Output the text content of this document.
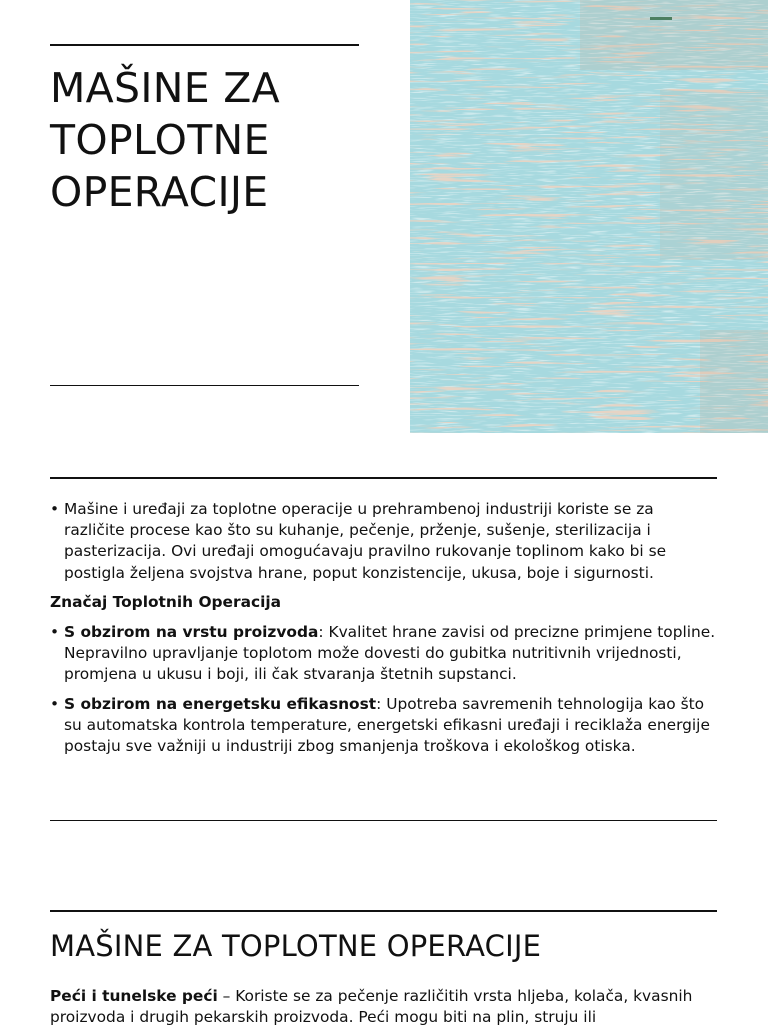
MAŠINE ZA TOPLOTNE OPERACIJE
• Mašine i uređaji za toplotne operacije u prehrambenoj industriji koriste se za različite procese kao što su kuhanje, pečenje, prženje, sušenje, sterilizacija i pasterizacija. Ovi uređaji omogućavaju pravilno rukovanje toplinom kako bi se postigla željena svojstva hrane, poput konzistencije, ukusa, boje i sigurnosti.
Značaj Toplotnih Operacija
• S obzirom na vrstu proizvoda: Kvalitet hrane zavisi od precizne primjene topline. Nepravilno upravljanje toplotom može dovesti do gubitka nutritivnih vrijednosti, promjena u ukusu i boji, ili čak stvaranja štetnih supstanci.
• S obzirom na energetsku efikasnost: Upotreba savremenih tehnologija kao što su automatska kontrola temperature, energetski efikasni uređaji i reciklaža energije postaju sve važniji u industriji zbog smanjenja troškova i ekološkog otiska.
MAŠINE ZA TOPLOTNE OPERACIJE

Peći i tunelske peći – Koriste se za pečenje različitih vrsta hljeba, kolača, kvasnih proizvoda i drugih pekarskih proizvoda. Peći mogu biti na plin, struju ili
